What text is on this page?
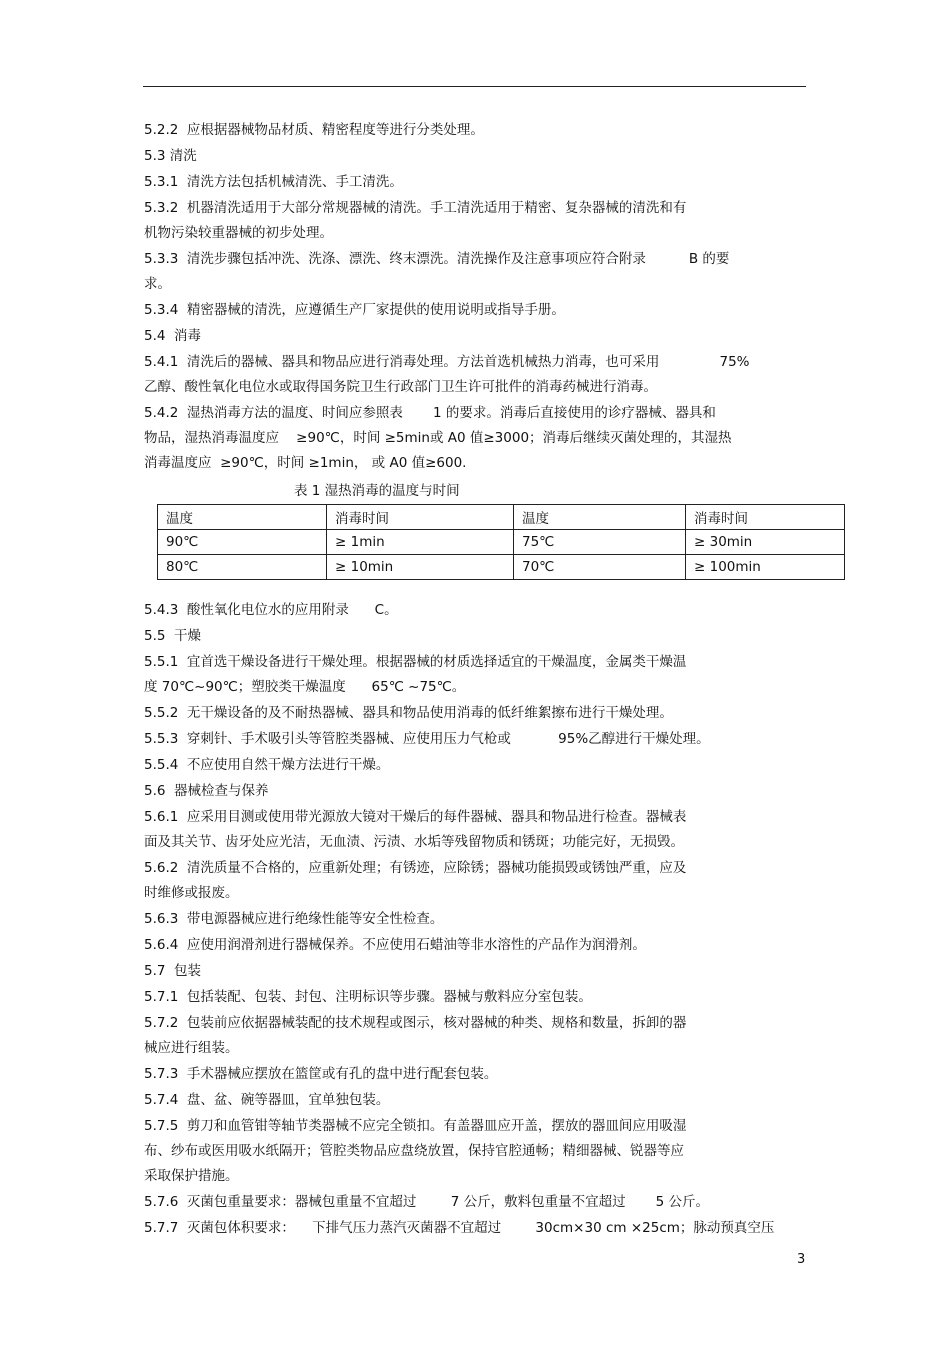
5.2.2  应根据器械物品材质、精密程度等进行分类处理。

5.3 清洗

5.3.1  清洗方法包括机械清洗、手工清洗。

5.3.2  机器清洗适用于大部分常规器械的清洗。手工清洗适用于精密、复杂器械的清洗和有
机物污染较重器械的初步处理。

5.3.3  清洗步骤包括冲洗、洗涤、漂洗、终末漂洗。清洗操作及注意事项应符合附录          B 的要
求。

5.3.4  精密器械的清洗，应遵循生产厂家提供的使用说明或指导手册。

5.4  消毒

5.4.1  清洗后的器械、器具和物品应进行消毒处理。方法首选机械热力消毒，也可采用              75%
乙醇、酸性氧化电位水或取得国务院卫生行政部门卫生许可批件的消毒药械进行消毒。

5.4.2  湿热消毒方法的温度、时间应参照表       1 的要求。消毒后直接使用的诊疗器械、器具和
物品，湿热消毒温度应    ≥90℃，时间 ≥5min或 A0 值≥3000；消毒后继续灭菌处理的，其湿热
消毒温度应  ≥90℃，时间 ≥1min， 或 A0 值≥600.

表 1 湿热消毒的温度与时间
温度	消毒时间	温度	消毒时间
90℃	≥ 1min	75℃	≥ 30min
80℃	≥ 10min	70℃	≥ 100min

5.4.3  酸性氧化电位水的应用附录      C。

5.5  干燥

5.5.1  宜首选干燥设备进行干燥处理。根据器械的材质选择适宜的干燥温度，金属类干燥温
度 70℃~90℃；塑胶类干燥温度      65℃ ~75℃。

5.5.2  无干燥设备的及不耐热器械、器具和物品使用消毒的低纤维絮擦布进行干燥处理。

5.5.3  穿刺针、手术吸引头等管腔类器械、应使用压力气枪或           95%乙醇进行干燥处理。

5.5.4  不应使用自然干燥方法进行干燥。

5.6  器械检查与保养

5.6.1  应采用目测或使用带光源放大镜对干燥后的每件器械、器具和物品进行检查。器械表
面及其关节、齿牙处应光洁，无血渍、污渍、水垢等残留物质和锈斑；功能完好，无损毁。

5.6.2  清洗质量不合格的，应重新处理；有锈迹，应除锈；器械功能损毁或锈蚀严重，应及
时维修或报废。

5.6.3  带电源器械应进行绝缘性能等安全性检查。

5.6.4  应使用润滑剂进行器械保养。不应使用石蜡油等非水溶性的产品作为润滑剂。

5.7  包装

5.7.1  包括装配、包装、封包、注明标识等步骤。器械与敷料应分室包装。

5.7.2  包装前应依据器械装配的技术规程或图示，核对器械的种类、规格和数量，拆卸的器
械应进行组装。

5.7.3  手术器械应摆放在篮筐或有孔的盘中进行配套包装。

5.7.4  盘、盆、碗等器皿，宜单独包装。

5.7.5  剪刀和血管钳等轴节类器械不应完全锁扣。有盖器皿应开盖，摆放的器皿间应用吸湿
布、纱布或医用吸水纸隔开；管腔类物品应盘绕放置，保持官腔通畅；精细器械、锐器等应
采取保护措施。

5.7.6  灭菌包重量要求：器械包重量不宜超过        7 公斤，敷料包重量不宜超过       5 公斤。

5.7.7  灭菌包体积要求：    下排气压力蒸汽灭菌器不宜超过        30cm×30 cm ×25cm；脉动预真空压

3
